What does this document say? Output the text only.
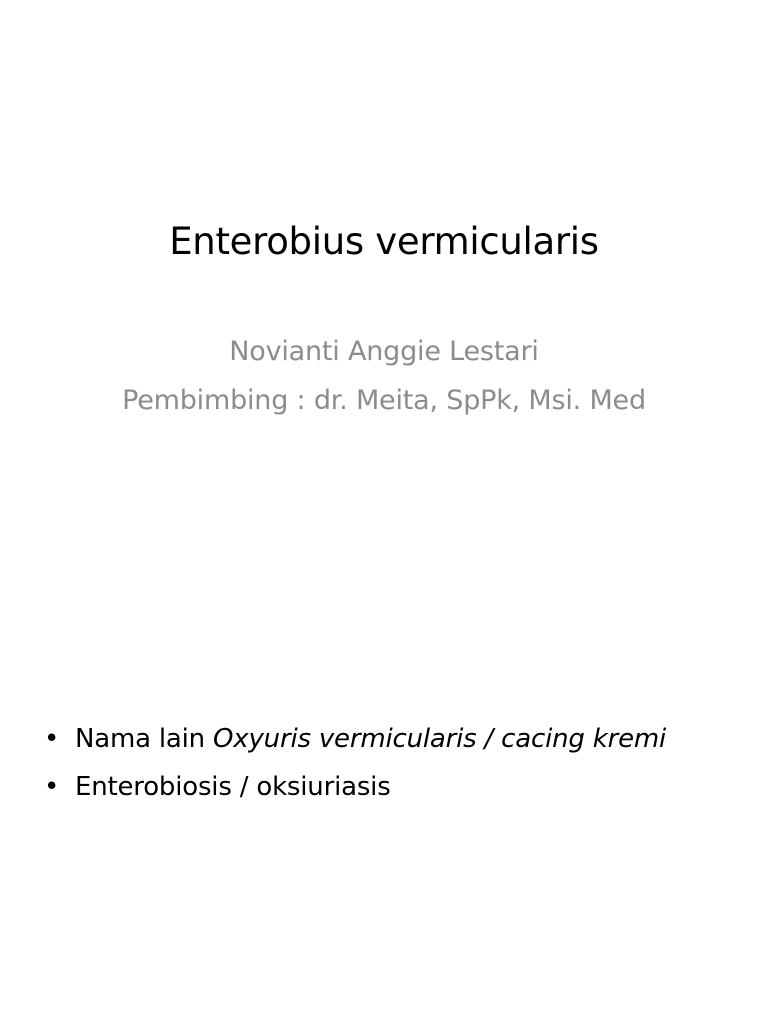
Enterobius vermicularis
Novianti Anggie Lestari
Pembimbing : dr. Meita, SpPk, Msi. Med
• Nama lain Oxyuris vermicularis / cacing kremi
• Enterobiosis / oksiuriasis
